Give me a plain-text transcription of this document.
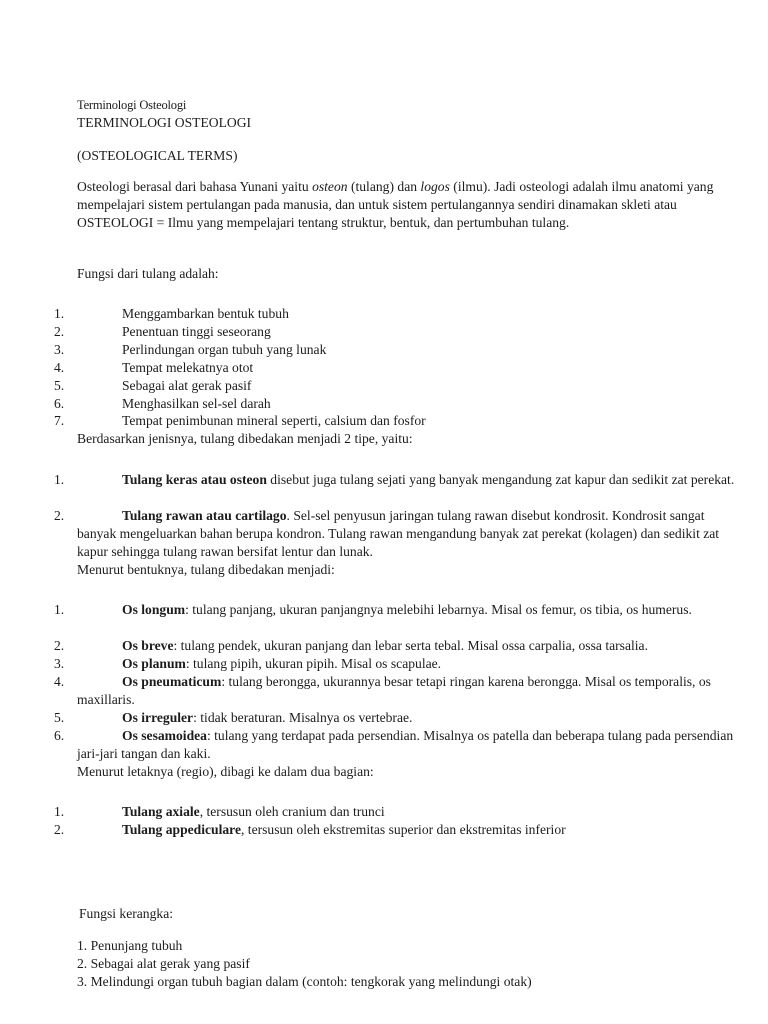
Terminologi Osteologi

TERMINOLOGI OSTEOLOGI

(OSTEOLOGICAL TERMS)

Osteologi berasal dari bahasa Yunani yaitu osteon (tulang) dan logos (ilmu). Jadi osteologi adalah ilmu anatomi yang mempelajari sistem pertulangan pada manusia, dan untuk sistem pertulangannya sendiri dinamakan skleti atau OSTEOLOGI = Ilmu yang mempelajari tentang struktur, bentuk, dan pertumbuhan tulang.

Fungsi dari tulang adalah:

1.	Menggambarkan bentuk tubuh
2.	Penentuan tinggi seseorang
3.	Perlindungan organ tubuh yang lunak
4.	Tempat melekatnya otot
5.	Sebagai alat gerak pasif
6.	Menghasilkan sel-sel darah
7.	Tempat penimbunan mineral seperti, calsium dan fosfor

Berdasarkan jenisnya, tulang dibedakan menjadi 2 tipe, yaitu:

1.	Tulang keras atau osteon disebut juga tulang sejati yang banyak mengandung zat kapur dan sedikit zat perekat.
2.	Tulang rawan atau cartilago. Sel-sel penyusun jaringan tulang rawan disebut kondrosit. Kondrosit sangat banyak mengeluarkan bahan berupa kondron. Tulang rawan mengandung banyak zat perekat (kolagen) dan sedikit zat kapur sehingga tulang rawan bersifat lentur dan lunak.

Menurut bentuknya, tulang dibedakan menjadi:

1.	Os longum: tulang panjang, ukuran panjangnya melebihi lebarnya. Misal os femur, os tibia, os humerus.
2.	Os breve: tulang pendek, ukuran panjang dan lebar serta tebal. Misal ossa carpalia, ossa tarsalia.
3.	Os planum: tulang pipih, ukuran pipih. Misal os scapulae.
4.	Os pneumaticum: tulang berongga, ukurannya besar tetapi ringan karena berongga. Misal os temporalis, os maxillaris.
5.	Os irreguler: tidak beraturan. Misalnya os vertebrae.
6.	Os sesamoidea: tulang yang terdapat pada persendian. Misalnya os patella dan beberapa tulang pada persendian jari-jari tangan dan kaki.

Menurut letaknya (regio), dibagi ke dalam dua bagian:

1.	Tulang axiale, tersusun oleh cranium dan trunci
2.	Tulang appediculare, tersusun oleh ekstremitas superior dan ekstremitas inferior

Fungsi kerangka:

1. Penunjang tubuh

2. Sebagai alat gerak yang pasif

3. Melindungi organ tubuh bagian dalam (contoh: tengkorak yang melindungi otak)
